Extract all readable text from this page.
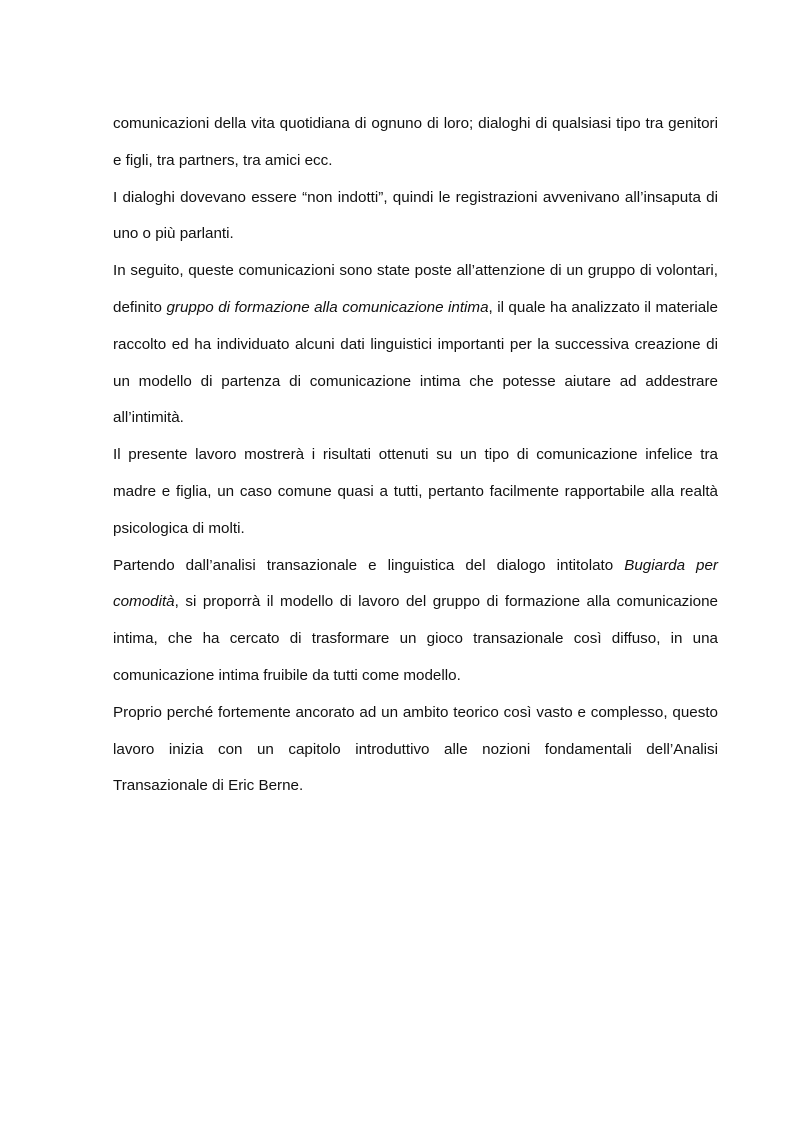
comunicazioni della vita quotidiana di ognuno di loro; dialoghi di qualsiasi tipo tra genitori e figli, tra partners, tra amici ecc.

I dialoghi dovevano essere “non indotti”, quindi le registrazioni avvenivano all’insaputa di uno o più parlanti.

In seguito, queste comunicazioni sono state poste all’attenzione di un gruppo di volontari, definito gruppo di formazione alla comunicazione intima, il quale ha analizzato il materiale raccolto ed ha individuato alcuni dati linguistici importanti per la successiva creazione di un modello di partenza di comunicazione intima che potesse aiutare ad addestrare all’intimità.

Il presente lavoro mostrerà i risultati ottenuti su un tipo di comunicazione infelice tra madre e figlia, un caso comune quasi a tutti, pertanto facilmente rapportabile alla realtà psicologica di molti.

Partendo dall’analisi transazionale e linguistica del dialogo intitolato Bugiarda per comodità, si proporrà il modello di lavoro del gruppo di formazione alla comunicazione intima, che ha cercato di trasformare un gioco transazionale così diffuso, in una comunicazione intima fruibile da tutti come modello.

Proprio perché fortemente ancorato ad un ambito teorico così vasto e complesso, questo lavoro inizia con un capitolo introduttivo alle nozioni fondamentali dell’Analisi Transazionale di Eric Berne.
